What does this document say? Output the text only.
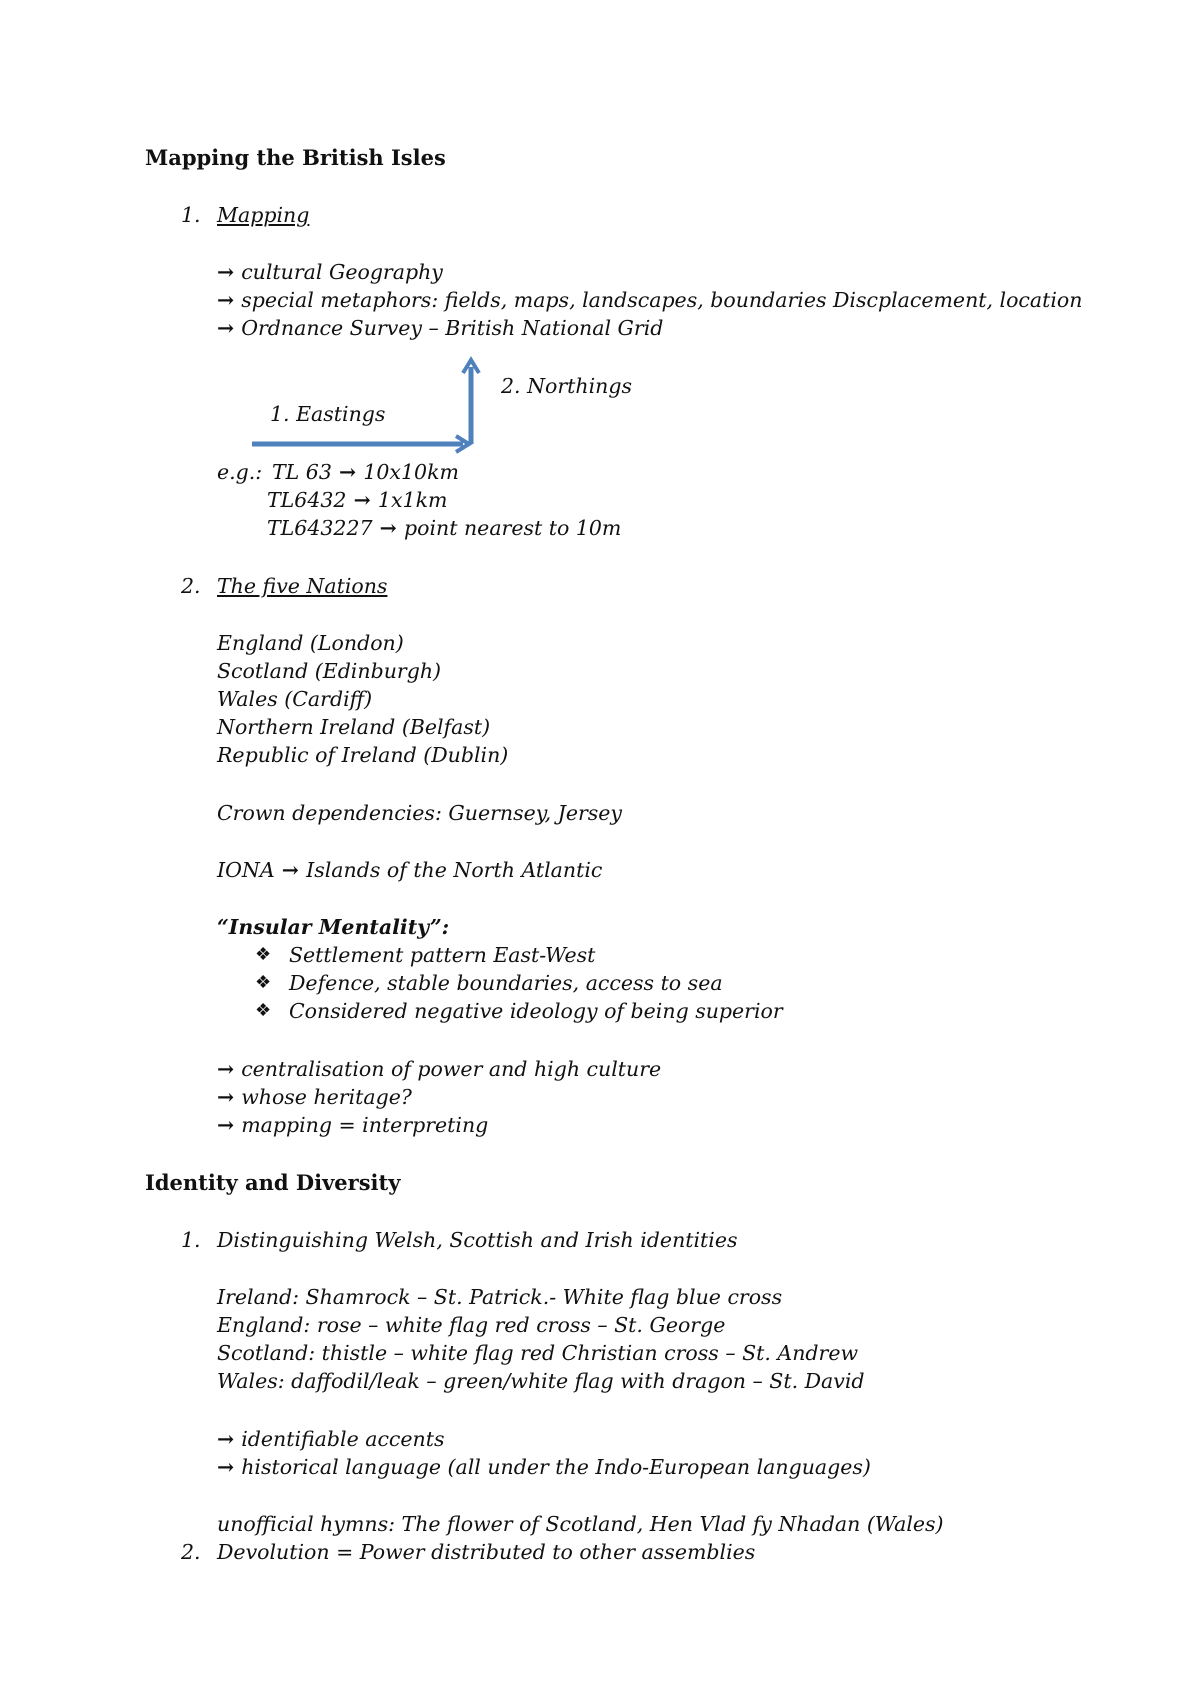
Mapping the British Isles
1. Mapping
→ cultural Geography
→ special metaphors: fields, maps, landscapes, boundaries Discplacement, location
→ Ordnance Survey – British National Grid
2. Northings
1. Eastings
e.g.: TL 63 → 10x10km
TL6432 → 1x1km
TL643227 → point nearest to 10m
2. The five Nations
England (London)
Scotland (Edinburgh)
Wales (Cardiff)
Northern Ireland (Belfast)
Republic of Ireland (Dublin)
Crown dependencies: Guernsey, Jersey
IONA → Islands of the North Atlantic
“Insular Mentality”:
❖ Settlement pattern East-West
❖ Defence, stable boundaries, access to sea
❖ Considered negative ideology of being superior
→ centralisation of power and high culture
→ whose heritage?
→ mapping = interpreting
Identity and Diversity
1. Distinguishing Welsh, Scottish and Irish identities
Ireland: Shamrock – St. Patrick.- White flag blue cross
England: rose – white flag red cross – St. George
Scotland: thistle – white flag red Christian cross – St. Andrew
Wales: daffodil/leak – green/white flag with dragon – St. David
→ identifiable accents
→ historical language (all under the Indo-European languages)
unofficial hymns: The flower of Scotland, Hen Vlad fy Nhadan (Wales)
2. Devolution = Power distributed to other assemblies
